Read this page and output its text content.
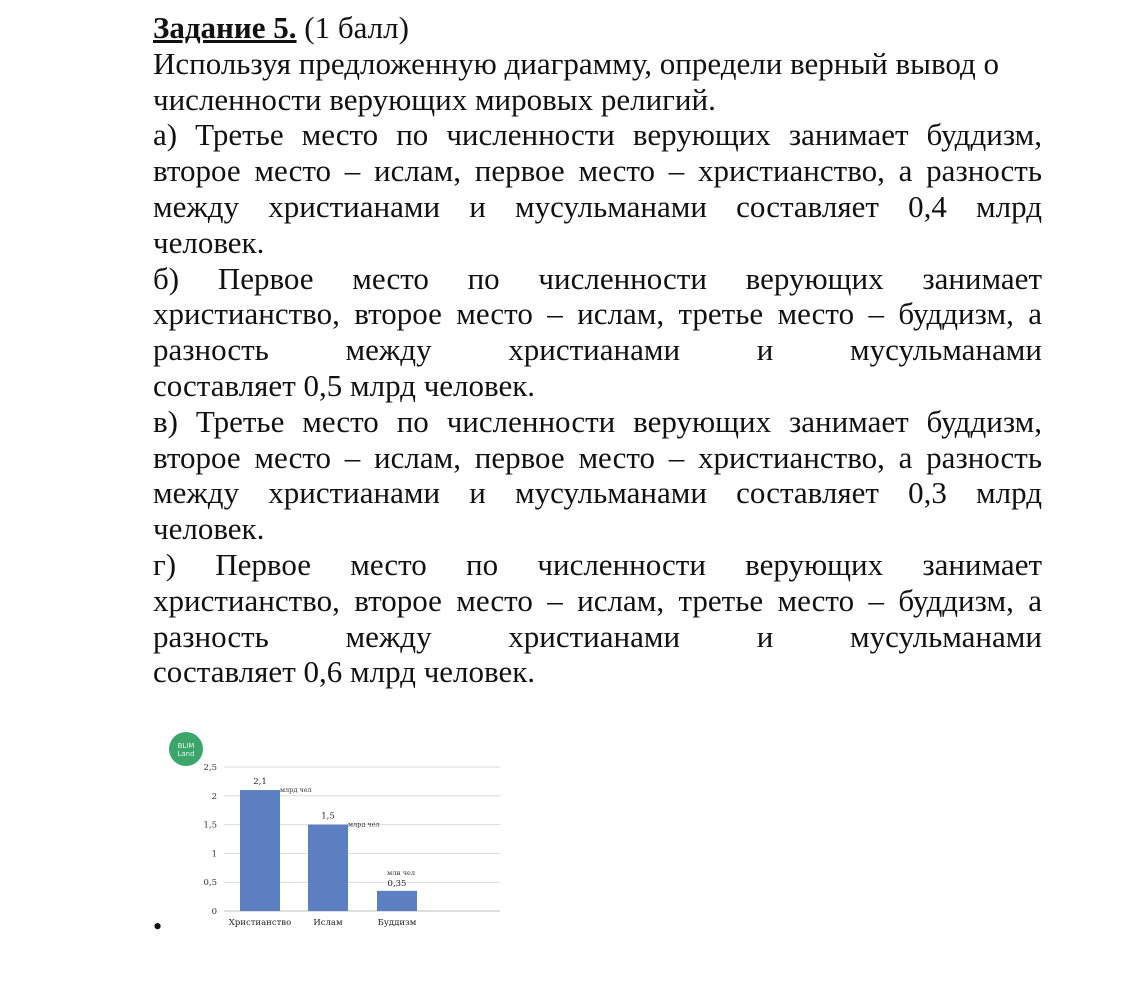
Задание 5. (1 балл)
Используя предложенную диаграмму, определи верный вывод о
численности верующих мировых религий.
а) Третье место по численности верующих занимает буддизм,
второе место – ислам, первое место – христианство, а разность
между христианами и мусульманами составляет 0,4 млрд
человек.
б) Первое место по численности верующих занимает
христианство, второе место – ислам, третье место – буддизм, а
разность между христианами и мусульманами
составляет 0,5 млрд человек.
в) Третье место по численности верующих занимает буддизм,
второе место – ислам, первое место – христианство, а разность
между христианами и мусульманами составляет 0,3 млрд
человек.
г) Первое место по численности верующих занимает
христианство, второе место – ислам, третье место – буддизм, а
разность между христианами и мусульманами
составляет 0,6 млрд человек.
BLIM
Land
0
0,5
1
1,5
2
2,5
2,1
млрд чел
Христианство
1,5
млрд чел
Ислам
0,35
млн чел
Буддизм
•
